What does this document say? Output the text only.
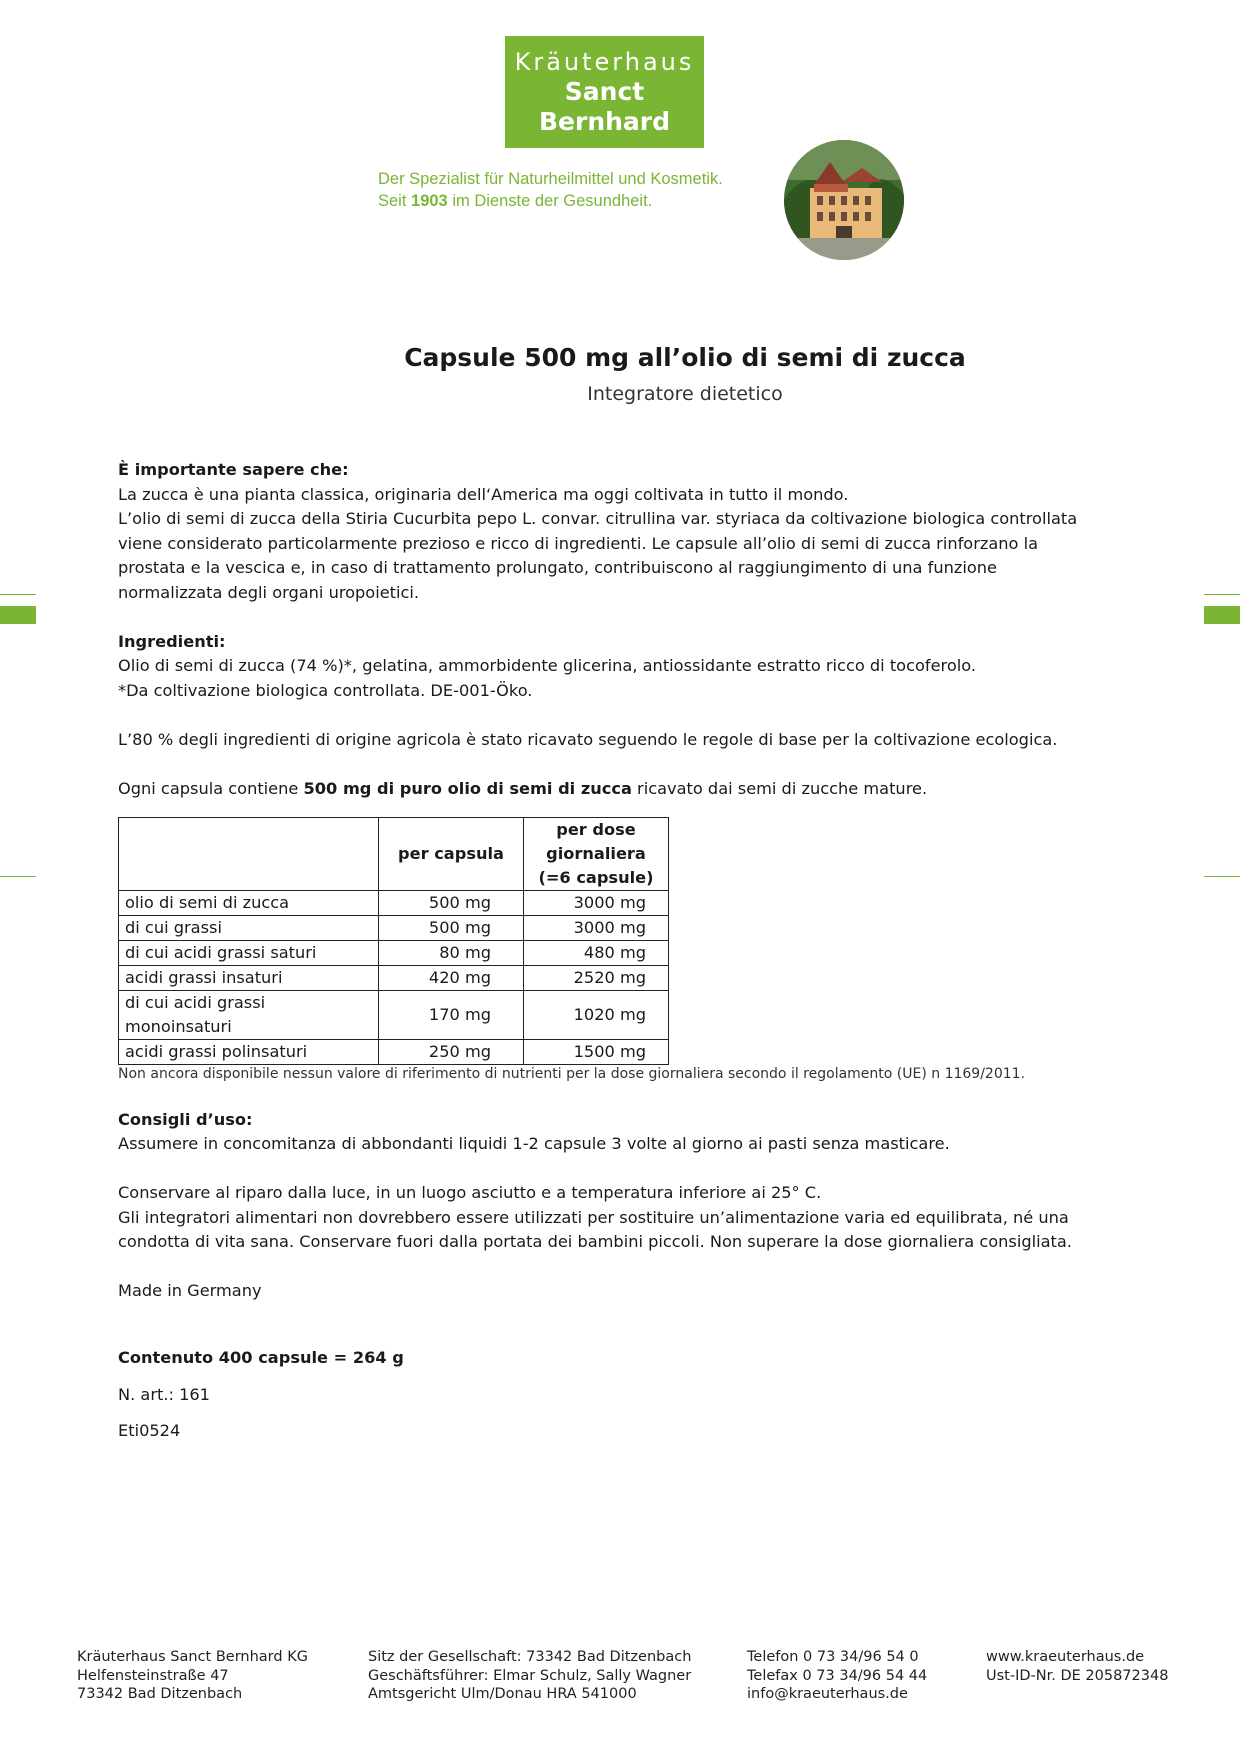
Kräuterhaus
Sanct Bernhard
Der Spezialist für Naturheilmittel und Kosmetik.
Seit 1903 im Dienste der Gesundheit.
Capsule 500 mg all’olio di semi di zucca
Integratore dietetico

È importante sapere che:

La zucca è una pianta classica, originaria dell‘America ma oggi coltivata in tutto il mondo.

L’olio di semi di zucca della Stiria Cucurbita pepo L. convar. citrullina var. styriaca da coltivazione biologica controllata viene considerato particolarmente prezioso e ricco di ingredienti. Le capsule all’olio di semi di zucca rinforzano la prostata e la vescica e, in caso di trattamento prolungato, contribuiscono al raggiungimento di una funzione normalizzata degli organi uropoietici.

Ingredienti:

Olio di semi di zucca (74 %)*, gelatina, ammorbidente glicerina, antiossidante estratto ricco di tocoferolo.

*Da coltivazione biologica controllata. DE-001-Öko.

L’80 % degli ingredienti di origine agricola è stato ricavato seguendo le regole di base per la coltivazione ecologica.

Ogni capsula contiene 500 mg di puro olio di semi di zucca ricavato dai semi di zucche mature.

	per capsula	per dose
giornaliera
(=6 capsule)

olio di semi di zucca	500 mg	3000 mg
di cui grassi	500 mg	3000 mg
di cui acidi grassi saturi	80 mg	480 mg
acidi grassi insaturi	420 mg	2520 mg
di cui acidi grassi monoinsaturi	170 mg	1020 mg
acidi grassi polinsaturi	250 mg	1500 mg

Non ancora disponibile nessun valore di riferimento di nutrienti per la dose giornaliera secondo il regolamento (UE) n 1169/2011.

Consigli d’uso:

Assumere in concomitanza di abbondanti liquidi 1-2 capsule 3 volte al giorno ai pasti senza masticare.

Conservare al riparo dalla luce, in un luogo asciutto e a temperatura inferiore ai 25° C.

Gli integratori alimentari non dovrebbero essere utilizzati per sostituire un’alimentazione varia ed equilibrata, né una condotta di vita sana. Conservare fuori dalla portata dei bambini piccoli. Non superare la dose giornaliera consigliata.

Made in Germany

Contenuto 400 capsule = 264 g

N. art.: 161

Eti0524

Kräuterhaus Sanct Bernhard KG
Helfensteinstraße 47
73342 Bad Ditzenbach
Sitz der Gesellschaft: 73342 Bad Ditzenbach
Geschäftsführer: Elmar Schulz, Sally Wagner
Amtsgericht Ulm/Donau HRA 541000
Telefon 0 73 34/96 54 0
Telefax 0 73 34/96 54 44
info@kraeuterhaus.de
www.kraeuterhaus.de
Ust-ID-Nr. DE 205872348
